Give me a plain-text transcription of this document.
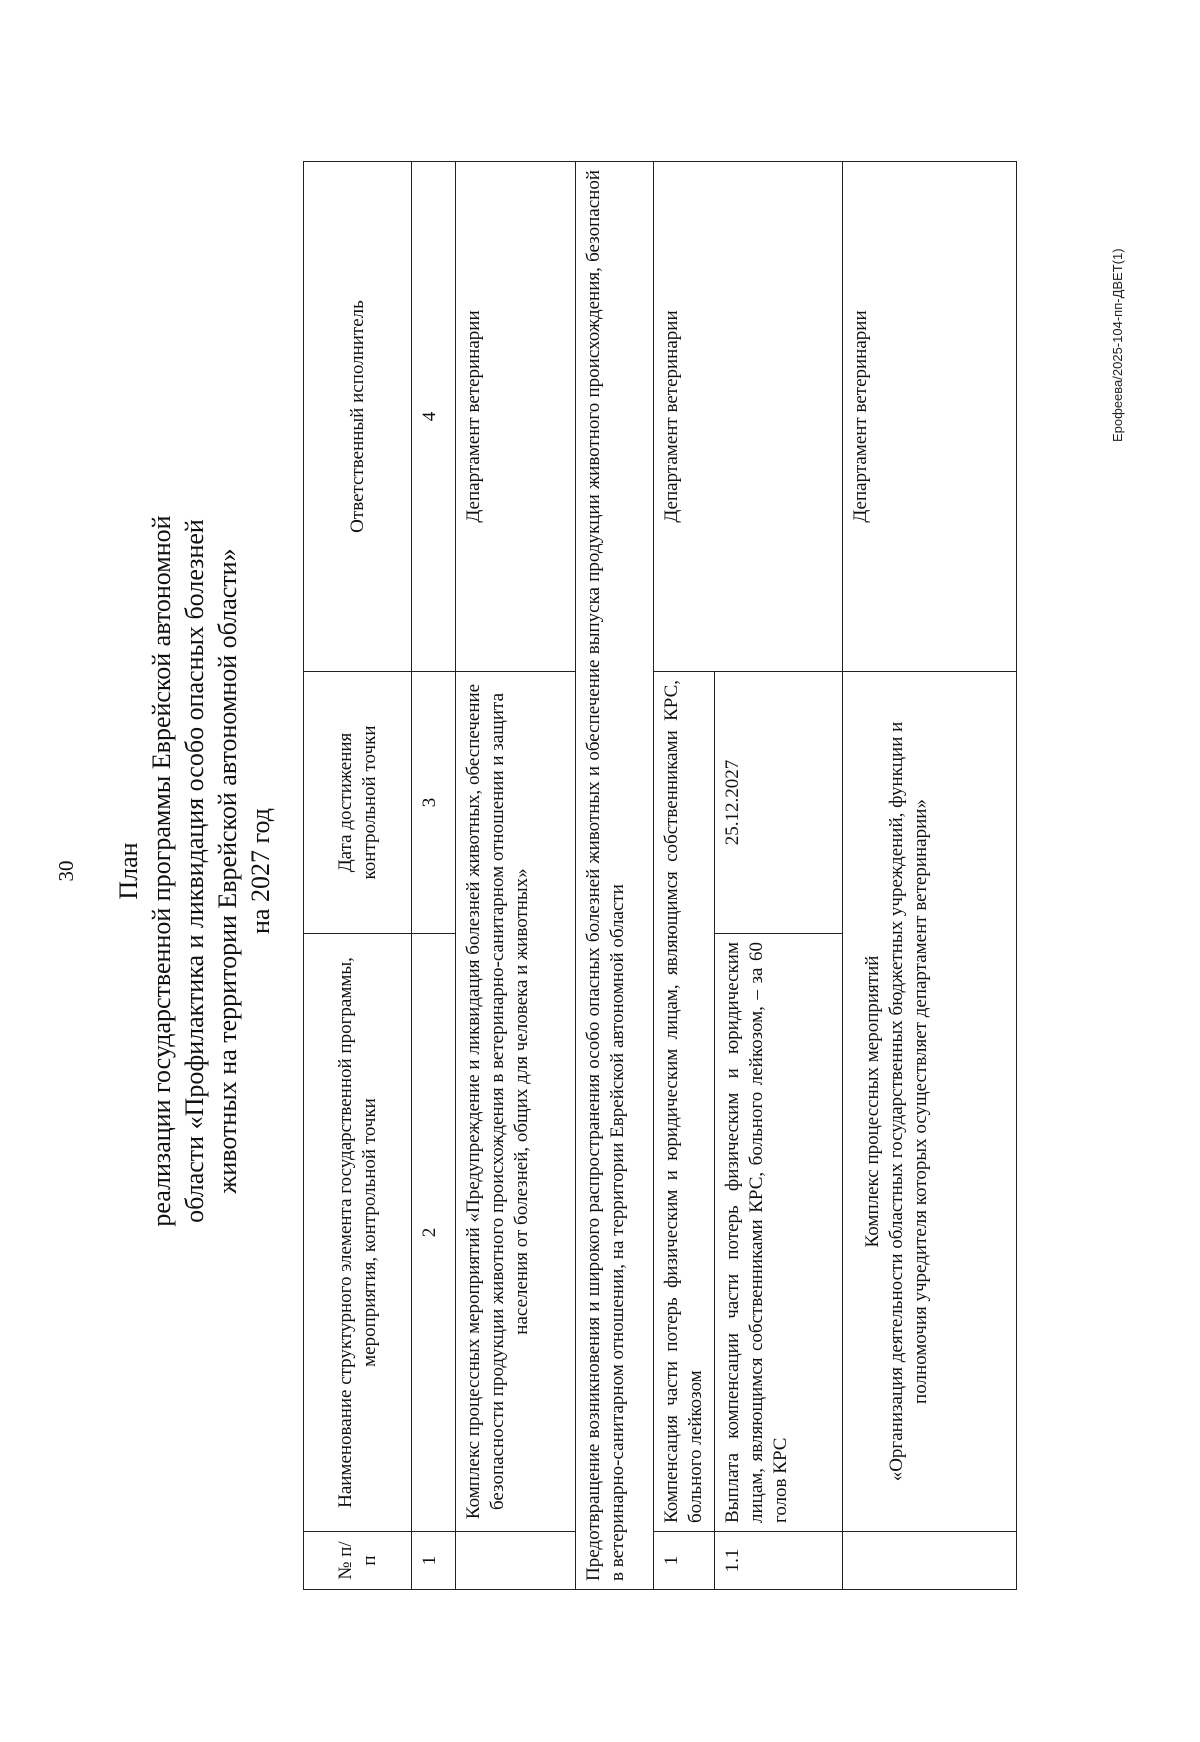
30 План реализации государственной программы Еврейской автономной области «Профилактика и ликвидация особо опасных болезней животных на территории Еврейской автономной области» на 2027 год
№ п/п	Наименование структурного элемента государственной программы, мероприятия, контрольной точки	Дата достижения контрольной точки	Ответственный исполнитель
1	2	3	4
	Комплекс процессных мероприятий «Предупреждение и ликвидация болезней животных, обеспечение безопасности продукции животного происхождения в ветеринарно-санитарном отношении и защита населения от болезней, общих для человека и животных»		Департамент ветеринарии
Предотвращение возникновения и широкого распространения особо опасных болезней животных и обеспечение выпуска продукции животного происхождения, безопасной в ветеринарно-санитарном отношении, на территории Еврейской автономной области			
1	Компенсация части потерь физическим и юридическим лицам, являющимся собственниками КРС, больного лейкозом		Департамент ветеринарии
1.1	Выплата компенсации части потерь физическим и юридическим лицам, являющимся собственниками КРС, больного лейкозом, – за 60 голов КРС	25.12.2027	

	Комплекс процессных мероприятий «Организация деятельности областных государственных бюджетных учреждений, функции и полномочия учредителя которых осуществляет департамент ветеринарии»		Департамент ветеринарии	Ерофеева/2025-104-пп-ДВЕТ(1)
